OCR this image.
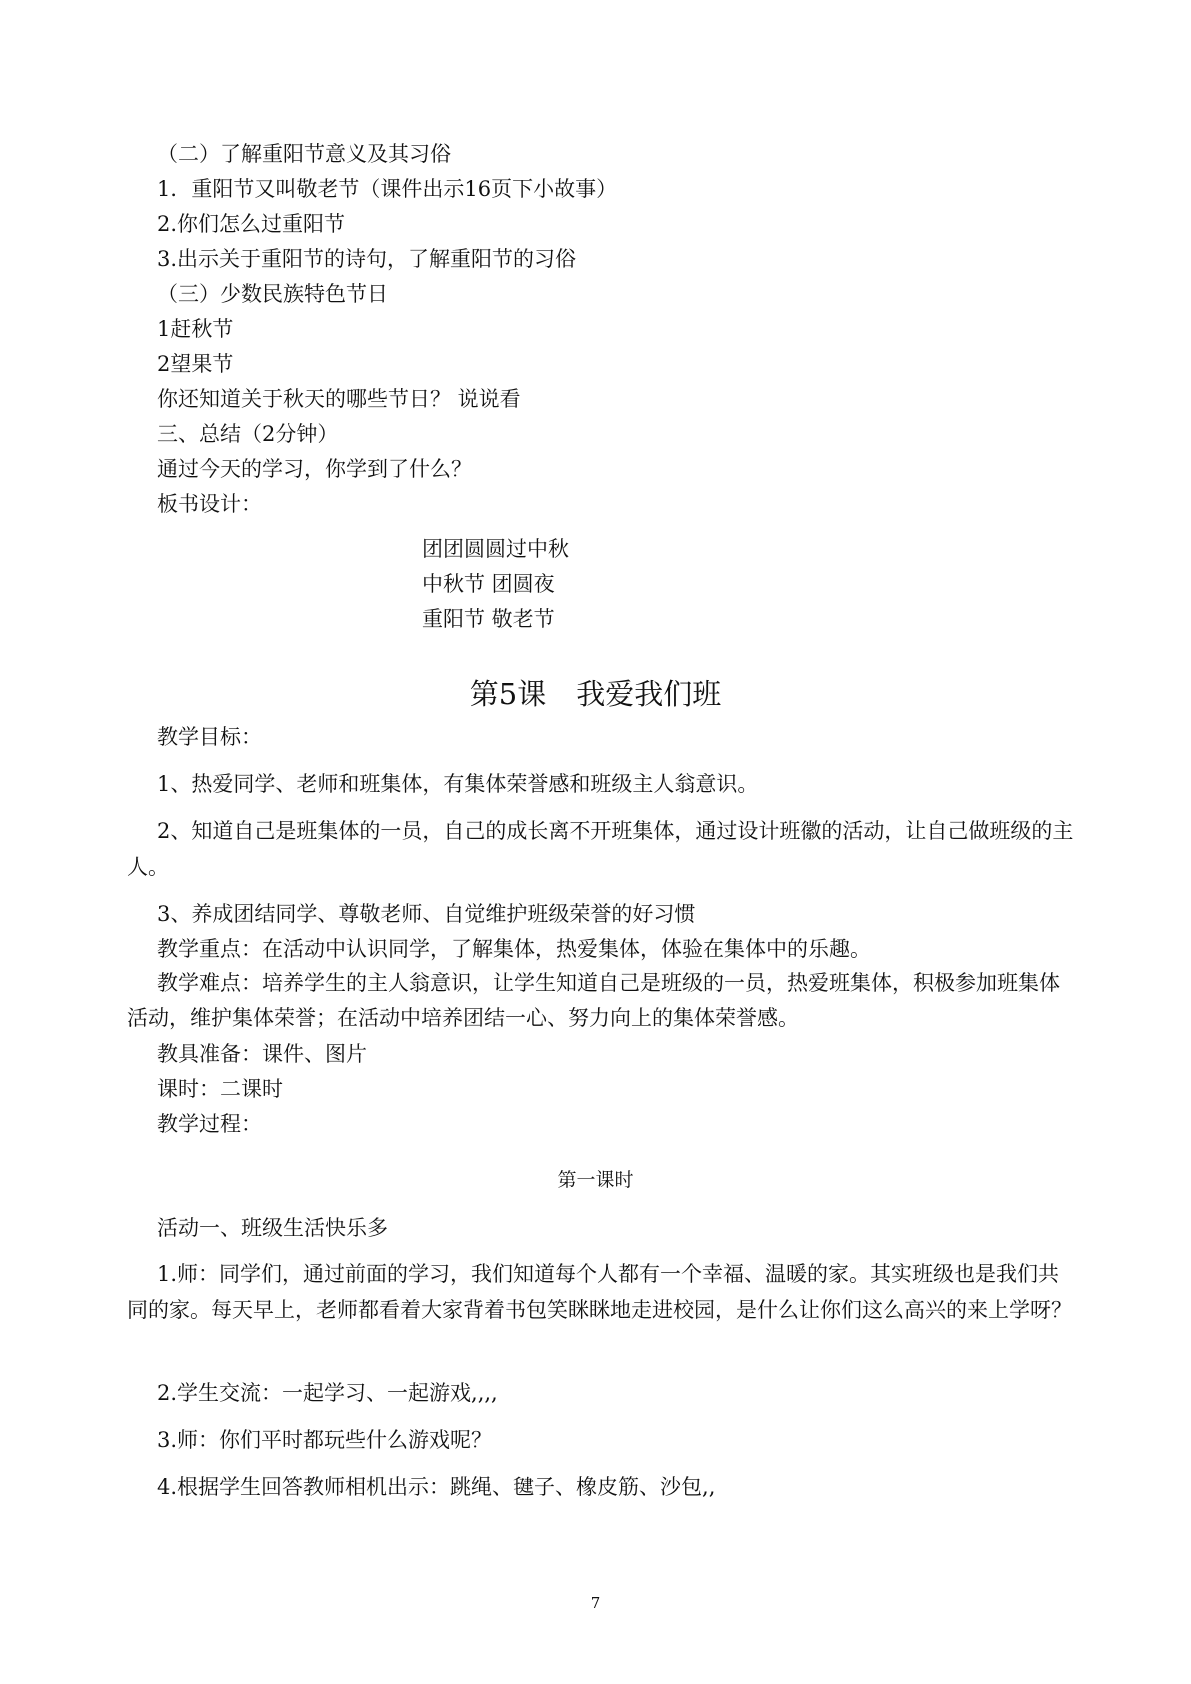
（二）了解重阳节意义及其习俗
1．重阳节又叫敬老节（课件出示16页下小故事）
2.你们怎么过重阳节
3.出示关于重阳节的诗句，了解重阳节的习俗
（三）少数民族特色节日
1赶秋节
2望果节
你还知道关于秋天的哪些节日？ 说说看
三、总结（2分钟）
通过今天的学习，你学到了什么？
板书设计：
团团圆圆过中秋
中秋节 团圆夜
重阳节 敬老节
第5课 我爱我们班
教学目标：
1、热爱同学、老师和班集体，有集体荣誉感和班级主人翁意识。
2、知道自己是班集体的一员，自己的成长离不开班集体，通过设计班徽的活动，让自己做班级的主人。
3、养成团结同学、尊敬老师、自觉维护班级荣誉的好习惯
教学重点：在活动中认识同学，了解集体，热爱集体，体验在集体中的乐趣。
教学难点：培养学生的主人翁意识，让学生知道自己是班级的一员，热爱班集体，积极参加班集体活动，维护集体荣誉；在活动中培养团结一心、努力向上的集体荣誉感。
教具准备：课件、图片
课时：二课时
教学过程：
第一课时
活动一、班级生活快乐多
1.师：同学们，通过前面的学习，我们知道每个人都有一个幸福、温暖的家。其实班级也是我们共同的家。每天早上，老师都看着大家背着书包笑眯眯地走进校园，是什么让你们这么高兴的来上学呀？
2.学生交流：一起学习、一起游戏,,,,
3.师：你们平时都玩些什么游戏呢？
4.根据学生回答教师相机出示：跳绳、毽子、橡皮筋、沙包,,
7
